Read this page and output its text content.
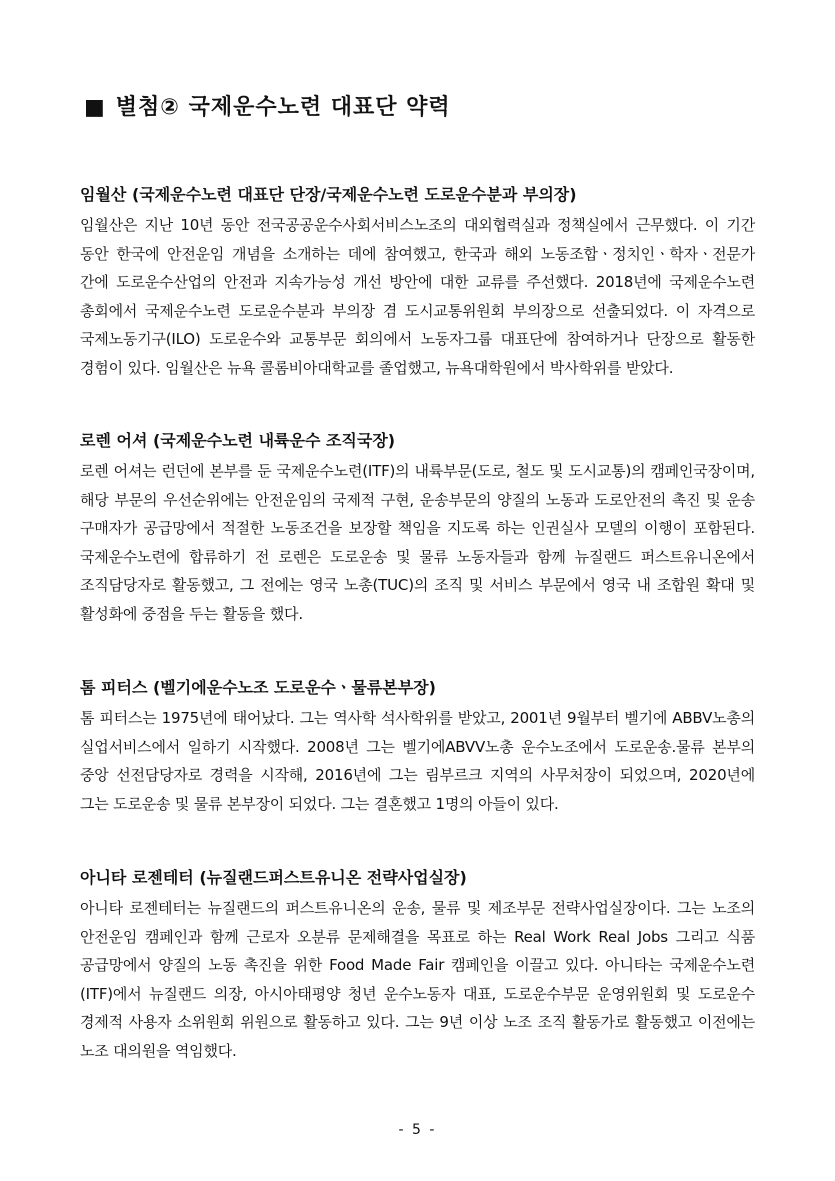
■ 별첨② 국제운수노련 대표단 약력
임월산 (국제운수노련 대표단 단장/국제운수노련 도로운수분과 부의장)

임월산은 지난 10년 동안 전국공공운수사회서비스노조의 대외협력실과 정책실에서 근무했다. 이 기간 동안 한국에 안전운임 개념을 소개하는 데에 참여했고, 한국과 해외 노동조합ㆍ정치인ㆍ학자ㆍ전문가 간에 도로운수산업의 안전과 지속가능성 개선 방안에 대한 교류를 주선했다. 2018년에 국제운수노련 총회에서 국제운수노련 도로운수분과 부의장 겸 도시교통위원회 부의장으로 선출되었다. 이 자격으로 국제노동기구(ILO) 도로운수와 교통부문 회의에서 노동자그룹 대표단에 참여하거나 단장으로 활동한 경험이 있다. 임월산은 뉴욕 콜롬비아대학교를 졸업했고, 뉴욕대학원에서 박사학위를 받았다.

로렌 어셔 (국제운수노련 내륙운수 조직국장)

로렌 어셔는 런던에 본부를 둔 국제운수노련(ITF)의 내륙부문(도로, 철도 및 도시교통)의 캠페인국장이며, 해당 부문의 우선순위에는 안전운임의 국제적 구현, 운송부문의 양질의 노동과 도로안전의 촉진 및 운송 구매자가 공급망에서 적절한 노동조건을 보장할 책임을 지도록 하는 인권실사 모델의 이행이 포함된다. 국제운수노련에 합류하기 전 로렌은 도로운송 및 물류 노동자들과 함께 뉴질랜드 퍼스트유니온에서 조직담당자로 활동했고, 그 전에는 영국 노총(TUC)의 조직 및 서비스 부문에서 영국 내 조합원 확대 및 활성화에 중점을 두는 활동을 했다.

톰 피터스 (벨기에운수노조 도로운수ㆍ물류본부장)

톰 피터스는 1975년에 태어났다. 그는 역사학 석사학위를 받았고, 2001년 9월부터 벨기에 ABBV노총의 실업서비스에서 일하기 시작했다. 2008년 그는 벨기에ABVV노총 운수노조에서 도로운송.물류 본부의 중앙 선전담당자로 경력을 시작해, 2016년에 그는 림부르크 지역의 사무처장이 되었으며, 2020년에 그는 도로운송 및 물류 본부장이 되었다. 그는 결혼했고 1명의 아들이 있다.

아니타 로젠테터 (뉴질랜드퍼스트유니온 전략사업실장)

아니타 로젠테터는 뉴질랜드의 퍼스트유니온의 운송, 물류 및 제조부문 전략사업실장이다. 그는 노조의 안전운임 캠페인과 함께 근로자 오분류 문제해결을 목표로 하는 Real Work Real Jobs 그리고 식품 공급망에서 양질의 노동 촉진을 위한 Food Made Fair 캠페인을 이끌고 있다. 아니타는 국제운수노련(ITF)에서 뉴질랜드 의장, 아시아태평양 청년 운수노동자 대표, 도로운수부문 운영위원회 및 도로운수 경제적 사용자 소위원회 위원으로 활동하고 있다. 그는 9년 이상 노조 조직 활동가로 활동했고 이전에는 노조 대의원을 역임했다.

- 5 -
